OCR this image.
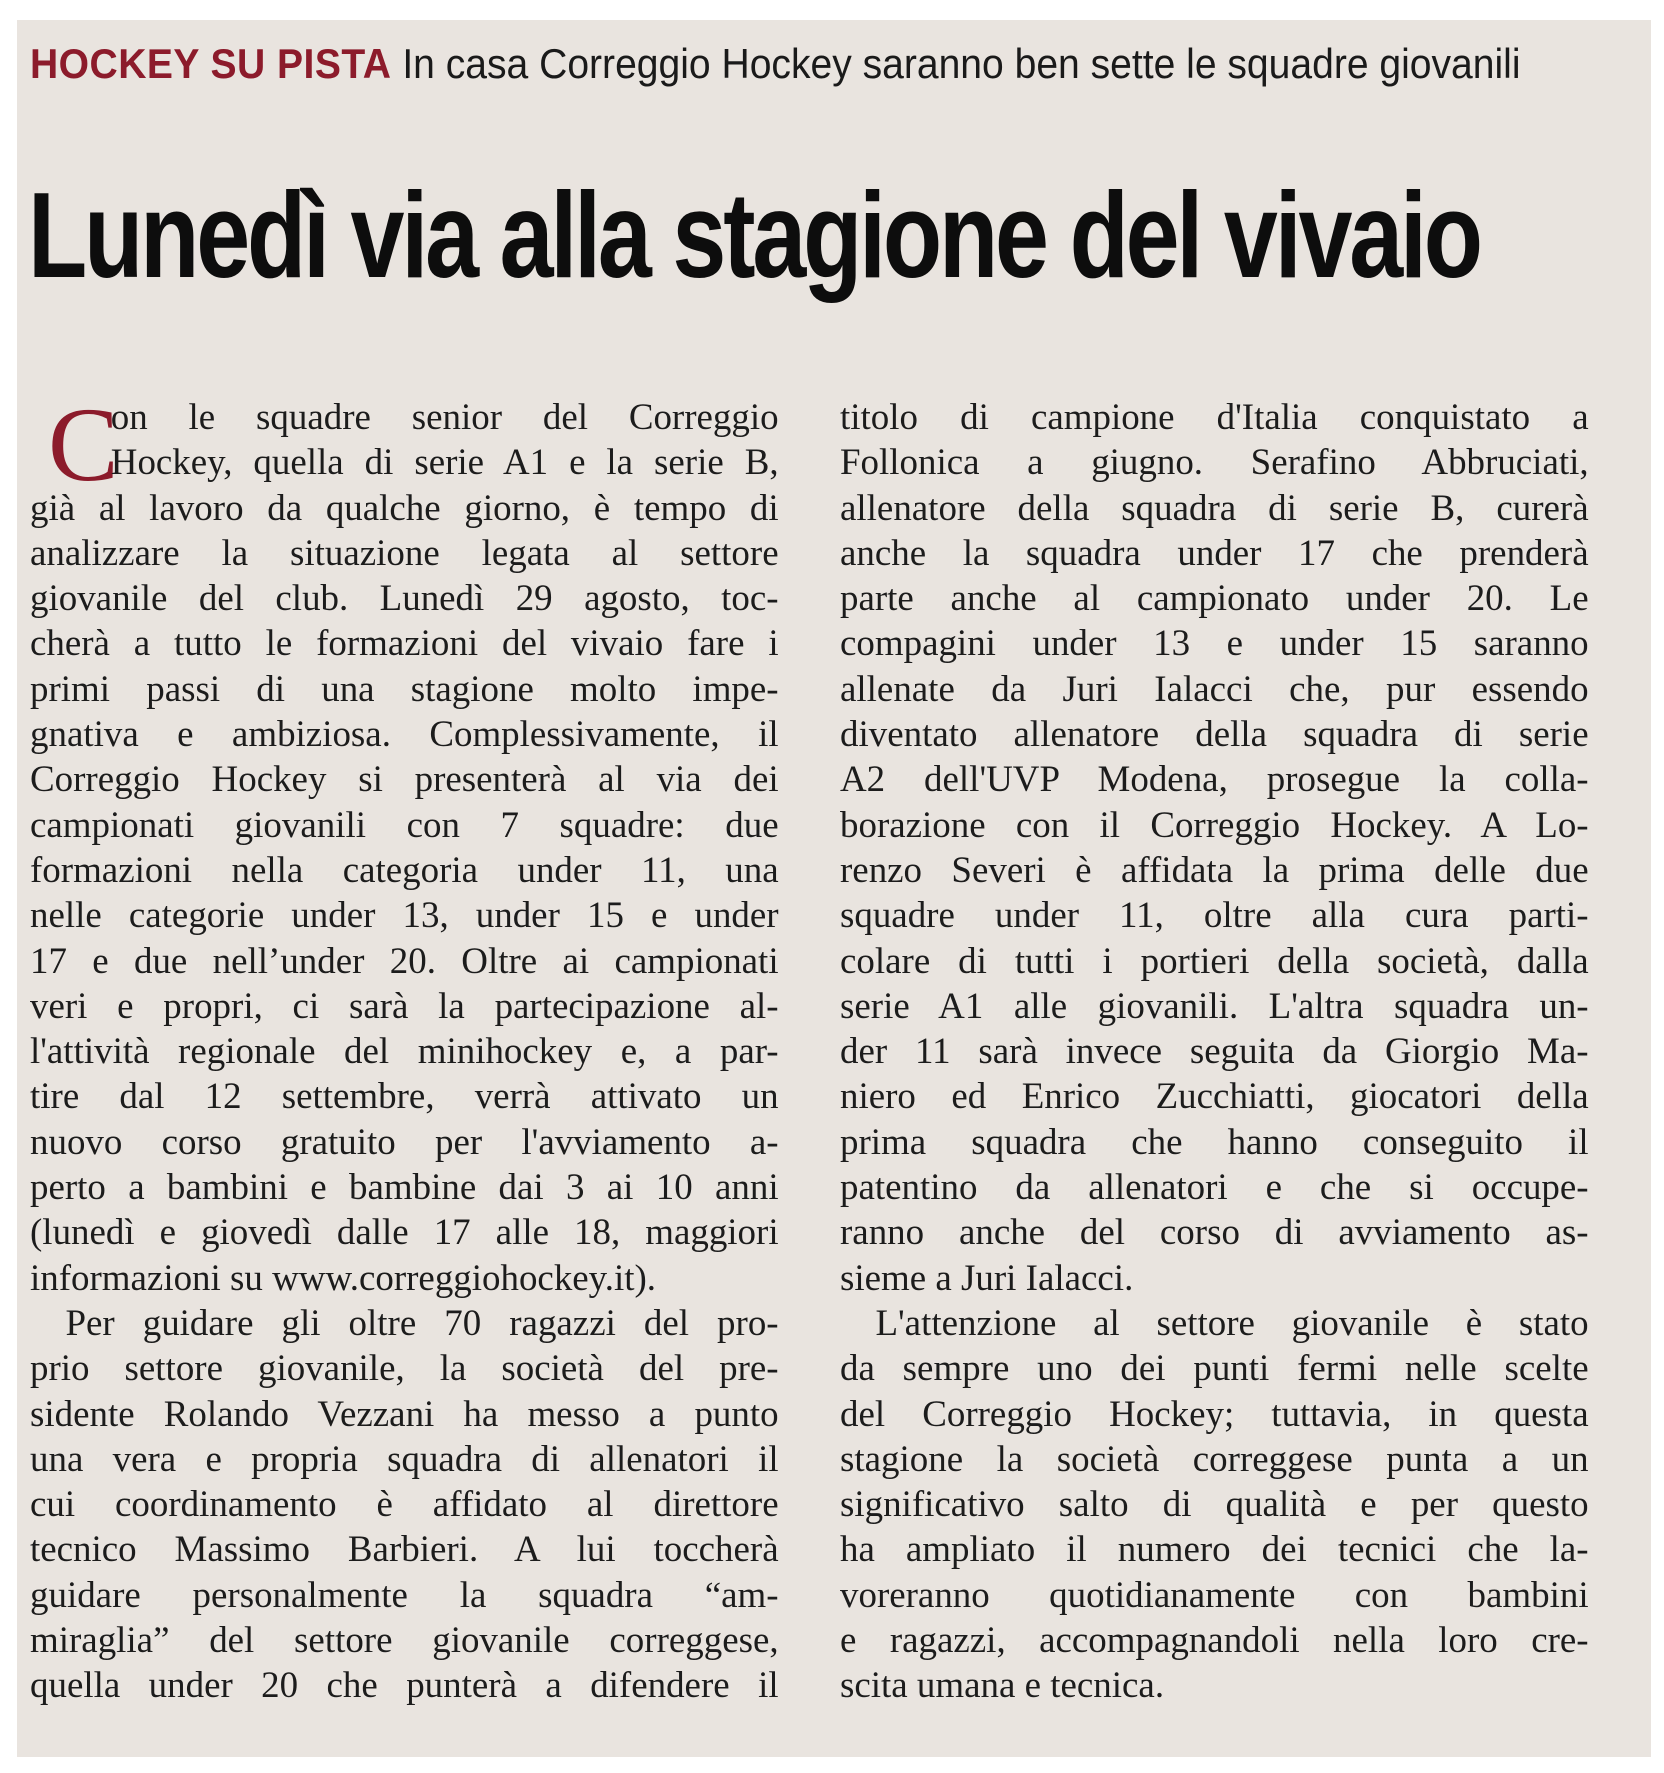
HOCKEY SU PISTA In casa Correggio Hockey saranno ben sette le squadre giovanili
Lunedì via alla stagione del vivaio
C
on le squadre senior del Correggio
Hockey, quella di serie A1 e la serie B,
già al lavoro da qualche giorno, è tempo di
analizzare la situazione legata al settore
giovanile del club. Lunedì 29 agosto, toc-
cherà a tutto le formazioni del vivaio fare i
primi passi di una stagione molto impe-
gnativa e ambiziosa. Complessivamente, il
Correggio Hockey si presenterà al via dei
campionati giovanili con 7 squadre: due
formazioni nella categoria under 11, una
nelle categorie under 13, under 15 e under
17 e due nell’under 20. Oltre ai campionati
veri e propri, ci sarà la partecipazione al-
l'attività regionale del minihockey e, a par-
tire dal 12 settembre, verrà attivato un
nuovo corso gratuito per l'avviamento a-
perto a bambini e bambine dai 3 ai 10 anni
(lunedì e giovedì dalle 17 alle 18, maggiori
informazioni su www.correggiohockey.it).
Per guidare gli oltre 70 ragazzi del pro-
prio settore giovanile, la società del pre-
sidente Rolando Vezzani ha messo a punto
una vera e propria squadra di allenatori il
cui coordinamento è affidato al direttore
tecnico Massimo Barbieri. A lui toccherà
guidare personalmente la squadra “am-
miraglia” del settore giovanile correggese,
quella under 20 che punterà a difendere il
titolo di campione d'Italia conquistato a
Follonica a giugno. Serafino Abbruciati,
allenatore della squadra di serie B, curerà
anche la squadra under 17 che prenderà
parte anche al campionato under 20. Le
compagini under 13 e under 15 saranno
allenate da Juri Ialacci che, pur essendo
diventato allenatore della squadra di serie
A2 dell'UVP Modena, prosegue la colla-
borazione con il Correggio Hockey. A Lo-
renzo Severi è affidata la prima delle due
squadre under 11, oltre alla cura parti-
colare di tutti i portieri della società, dalla
serie A1 alle giovanili. L'altra squadra un-
der 11 sarà invece seguita da Giorgio Ma-
niero ed Enrico Zucchiatti, giocatori della
prima squadra che hanno conseguito il
patentino da allenatori e che si occupe-
ranno anche del corso di avviamento as-
sieme a Juri Ialacci.
L'attenzione al settore giovanile è stato
da sempre uno dei punti fermi nelle scelte
del Correggio Hockey; tuttavia, in questa
stagione la società correggese punta a un
significativo salto di qualità e per questo
ha ampliato il numero dei tecnici che la-
voreranno quotidianamente con bambini
e ragazzi, accompagnandoli nella loro cre-
scita umana e tecnica.
